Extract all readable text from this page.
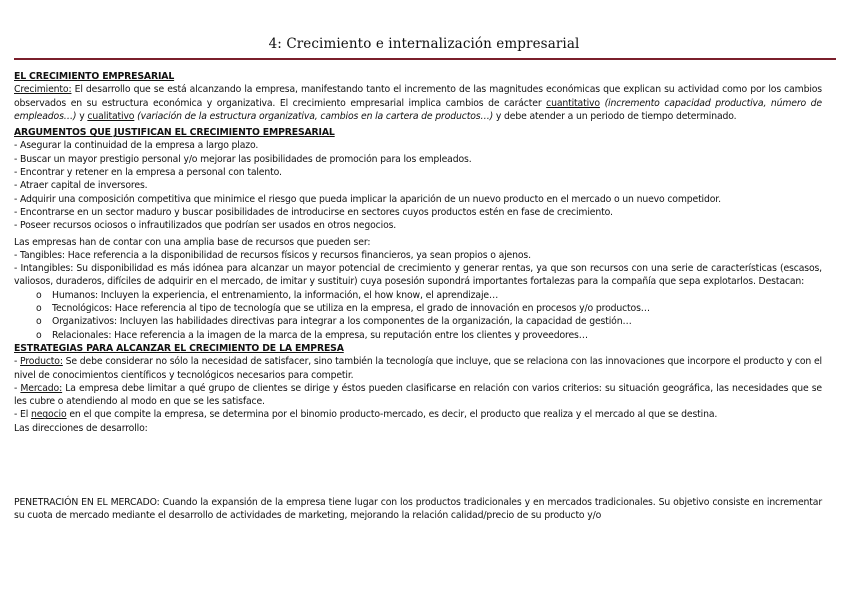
4: Crecimiento e internalización empresarial
EL CRECIMIENTO EMPRESARIAL

Crecimiento: El desarrollo que se está alcanzando la empresa, manifestando tanto el incremento de las magnitudes económicas que explican su actividad como por los cambios observados en su estructura económica y organizativa. El crecimiento empresarial implica cambios de carácter cuantitativo (incremento capacidad productiva, número de empleados…) y cualitativo (variación de la estructura organizativa, cambios en la cartera de productos…) y debe atender a un periodo de tiempo determinado.

ARGUMENTOS QUE JUSTIFICAN EL CRECIMIENTO EMPRESARIAL
- Asegurar la continuidad de la empresa a largo plazo.
- Buscar un mayor prestigio personal y/o mejorar las posibilidades de promoción para los empleados.
- Encontrar y retener en la empresa a personal con talento.
- Atraer capital de inversores.
- Adquirir una composición competitiva que minimice el riesgo que pueda implicar la aparición de un nuevo producto en el mercado o un nuevo competidor.
- Encontrarse en un sector maduro y buscar posibilidades de introducirse en sectores cuyos productos estén en fase de crecimiento.
- Poseer recursos ociosos o infrautilizados que podrían ser usados en otros negocios.

Las empresas han de contar con una amplia base de recursos que pueden ser:

- Tangibles: Hace referencia a la disponibilidad de recursos físicos y recursos financieros, ya sean propios o ajenos.

- Intangibles: Su disponibilidad es más idónea para alcanzar un mayor potencial de crecimiento y generar rentas, ya que son recursos con una serie de características (escasos, valiosos, duraderos, difíciles de adquirir en el mercado, de imitar y sustituir) cuya posesión supondrá importantes fortalezas para la compañía que sepa explotarlos. Destacan:

o Humanos: Incluyen la experiencia, el entrenamiento, la información, el how know, el aprendizaje…
o Tecnológicos: Hace referencia al tipo de tecnología que se utiliza en la empresa, el grado de innovación en procesos y/o productos…
o Organizativos: Incluyen las habilidades directivas para integrar a los componentes de la organización, la capacidad de gestión…
o Relacionales: Hace referencia a la imagen de la marca de la empresa, su reputación entre los clientes y proveedores…
ESTRATEGIAS PARA ALCANZAR EL CRECIMIENTO DE LA EMPRESA

- Producto: Se debe considerar no sólo la necesidad de satisfacer, sino también la tecnología que incluye, que se relaciona con las innovaciones que incorpore el producto y con el nivel de conocimientos científicos y tecnológicos necesarios para competir.

- Mercado: La empresa debe limitar a qué grupo de clientes se dirige y éstos pueden clasificarse en relación con varios criterios: su situación geográfica, las necesidades que se les cubre o atendiendo al modo en que se les satisface.

- El negocio en el que compite la empresa, se determina por el binomio producto-mercado, es decir, el producto que realiza y el mercado al que se destina.

Las direcciones de desarrollo:

PENETRACIÓN EN EL MERCADO: Cuando la expansión de la empresa tiene lugar con los productos tradicionales y en mercados tradicionales. Su objetivo consiste en incrementar su cuota de mercado mediante el desarrollo de actividades de marketing, mejorando la relación calidad/precio de su producto y/o
